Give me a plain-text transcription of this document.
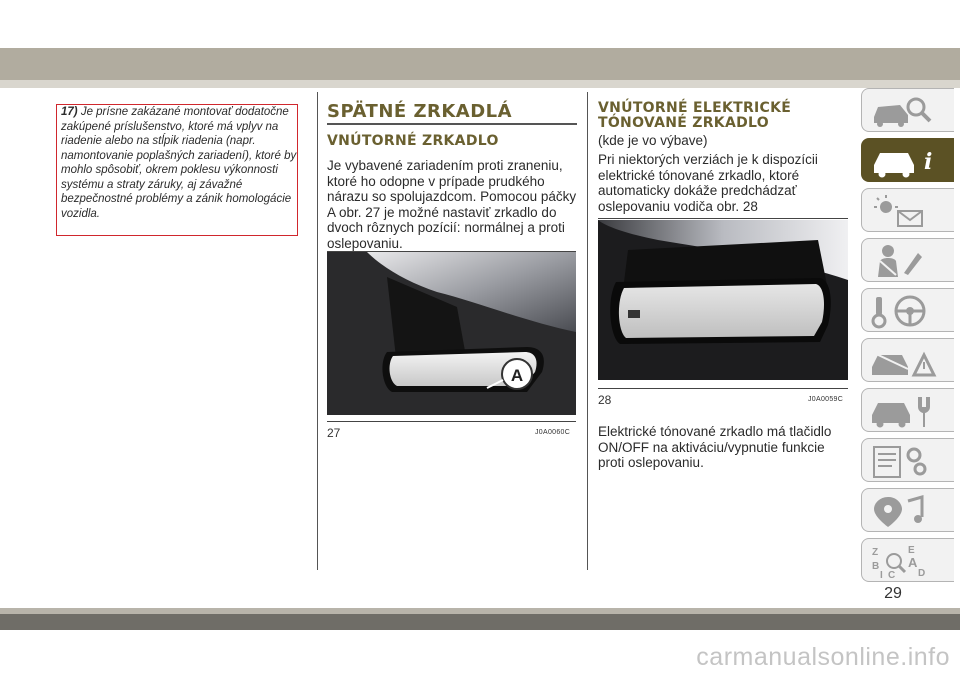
17) Je prísne zakázané montovať dodatočne zakúpené príslušenstvo, ktoré má vplyv na riadenie alebo na stĺpik riadenia (napr. namontovanie poplašných zariadení), ktoré by mohlo spôsobiť, okrem poklesu výkonnosti systému a straty záruky, aj závažné bezpečnostné problémy a zánik homologácie vozidla.
SPÄTNÉ ZRKADLÁ
VNÚTORNÉ ZRKADLO
Je vybavené zariadením proti zraneniu, ktoré ho odopne v prípade prudkého nárazu so spolujazdcom. Pomocou páčky A obr. 27 je možné nastaviť zrkadlo do dvoch rôznych pozícií: normálnej a proti oslepovaniu.
A
27	J0A0060C
VNÚTORNÉ ELEKTRICKÉ
TÓNOVANÉ ZRKADLO
(kde je vo výbave)
Pri niektorých verziách je k dispozícii elektrické tónované zrkadlo, ktoré automaticky dokáže predchádzať oslepovaniu vodiča obr. 28
28	J0A0059C
Elektrické tónované zrkadlo má tlačidlo ON/OFF na aktiváciu/vypnutie funkcie proti oslepovaniu.
i
Z	E
B A
C D
I
29
carmanualsonline.info
